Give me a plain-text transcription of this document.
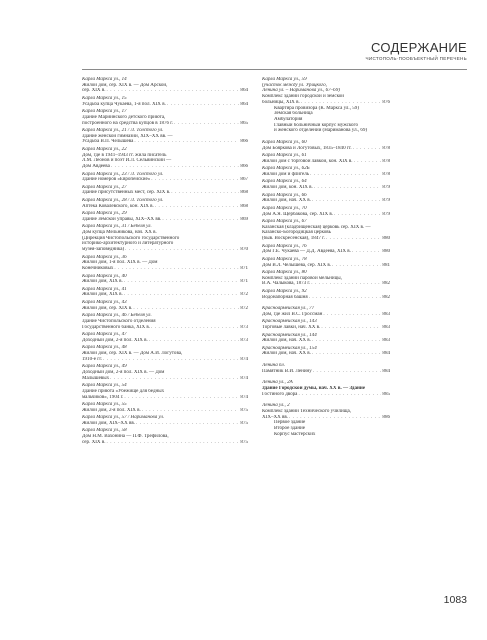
СОДЕРЖАНИЕ
ЧИСТОПОЛЬ·ПООБЪЕКТНЫЙ ПЕРЕЧЕНЬ
Карла Маркса ул., 14
Жилой дом, сер. XIX в. — Дом Арской,
сер. XIX в. . . .	864
Карла Маркса ул., 15
Усадьба купца Чукаева, 1-я пол. XIX в. . . .	864
Карла Маркса ул., 17
Здание Мариинского детского приюта,
построенного на средства купцов в 1876 г. . . .	865
Карла Маркса ул., 21 / Л. Толстого ул.
Здание женской гимназии, XIX–XX вв. —
Усадьба В.П. Челышева . . .	866
Карла Маркса ул., 22
Дом, где в 1941–1943 гг. жила писатель
Л.М. Леонов и поэт И.Л. Сельвинский —
Дом Авдеева . . .	866
Карла Маркса ул., 23 / Л. Толстого ул.
Здание номеров «Европейские» . . .	867
Карла Маркса ул., 27
Здание присутственных мест, сер. XIX в. . . .	868
Карла Маркса ул., 28 / Л. Толстого ул.
Аптека Ковалевского, кон. XIX в. . . .	868
Карла Маркса ул., 29
Здание Земской управы, XIX–XX вв. . . .	869
Карла Маркса ул., 31 / Бебеля ул.
Дом купца Мельникова, нач. XX в.
(Дирекция Чистопольского государственного
историко-архитектурного и литературного
музея-заповедника) . . .	870
Карла Маркса ул., 36
Жилой дом, 1-я пол. XIX в. — Дом
Конечниковых . . .	871
Карла Маркса ул., 40
Жилой дом, XIX в. . . .	871
Карла Маркса ул., 41
Жилой дом, XIX в. . . .	872
Карла Маркса ул., 43
Жилой дом, сер. XIX в. . . .	872
Карла Маркса ул., 46 / Бебеля ул.
Здание Чистопольского отделения
Государственного банка, XIX в. . . .	873
Карла Маркса ул., 47
Доходный дом, 2-я пол. XIX в. . . .	873
Карла Маркса ул., 48
Жилой дом, сер. XIX в. — Дом А.И. Логутова,
1910-е гг. . . .	874
Карла Маркса ул., 49
Доходный дом, 2-я пол. XIX в. — Дом
Малышевых . . .	874
Карла Маркса ул., 54
Здание приюта «Убежище для бедных
мальчиков», 1904 г. . . .	874
Карла Маркса ул., 55
Жилой дом, 2-я пол. XIX в. . . .	875
Карла Маркса ул., 57 / Нариманова ул.
Жилой дом, XIX–XX вв. . . .	875
Карла Маркса ул., 58
Дом Н.М. Вахонина — П.Ф. Трефилова,
сер. XIX в. . . .	875
Карла Маркса ул., 59
(участок между ул. Урицкого,
Ленина ул. – Нариманова ул., 67–69)
Комплекс зданий городской и земской
больницы, XIX в. . . .	876
Квартира провизора (К. Маркса ул., 59)
Земская больница
Амбулатория
Главный больничный корпус мужского
и женского отделений (Нариманова ул., 69)
Карла Маркса ул., 60
Дом Бояркова и Логутовых, 1835–1840 гг. . . .	878
Карла Маркса ул., 61
Жилой дом с торговой лавкой, кон. XIX в. . . .	878
Карла Маркса ул., 62Б
Жилой дом и флигель . . .	878
Карла Маркса ул., 64
Жилой дом, кон. XIX в. . . .	879
Карла Маркса ул., 66
Жилой дом, нач. XX в. . . .	879
Карла Маркса ул., 70
Дом А.Я. Щербакова, сер. XIX в. . . .	879
Карла Маркса ул., 67
Казанская (кладбищенская) церковь сер. XIX в. —
Казанско-Богородицкая церковь
(быв. Воскресенская), 1847 г. . . .	880
Карла Маркса ул., 76
Дом Г.Е. Чукаева — Д.Д. Авдеева, XIX в. . . .	880
Карла Маркса ул., 78
Дом В.Л. Челышева, сер. XIX в. . . .	881
Карла Маркса ул., 80
Комплекс зданий паровой мельницы,
В.А. Чалыкова, 1873 г. . . .	882
Карла Маркса ул., 92
Водонапорная башня . . .	882
Красноармейская ул., 77
Дом, где жил В.С. Гроссман . . .	883
Красноармейская ул., 143
Торговые лавки, нач. XX в. . . .	883
Красноармейская ул., 144
Жилой дом, нач. XX в. . . .	883
Красноармейская ул., 154
Жилой дом, нач. XX в. . . .	884
Ленина пл.
Памятник В.И. Ленину . . .	884
Ленина ул., 2А
Здание Городской думы, нач. XX в. — Здание
Гостиного двора . . .	885
Ленина ул., 2
Комплекс зданий Технического училища,
XIX–XX вв. . . .	886
Первое здание
Второе здание
Корпус мастерских
1083
